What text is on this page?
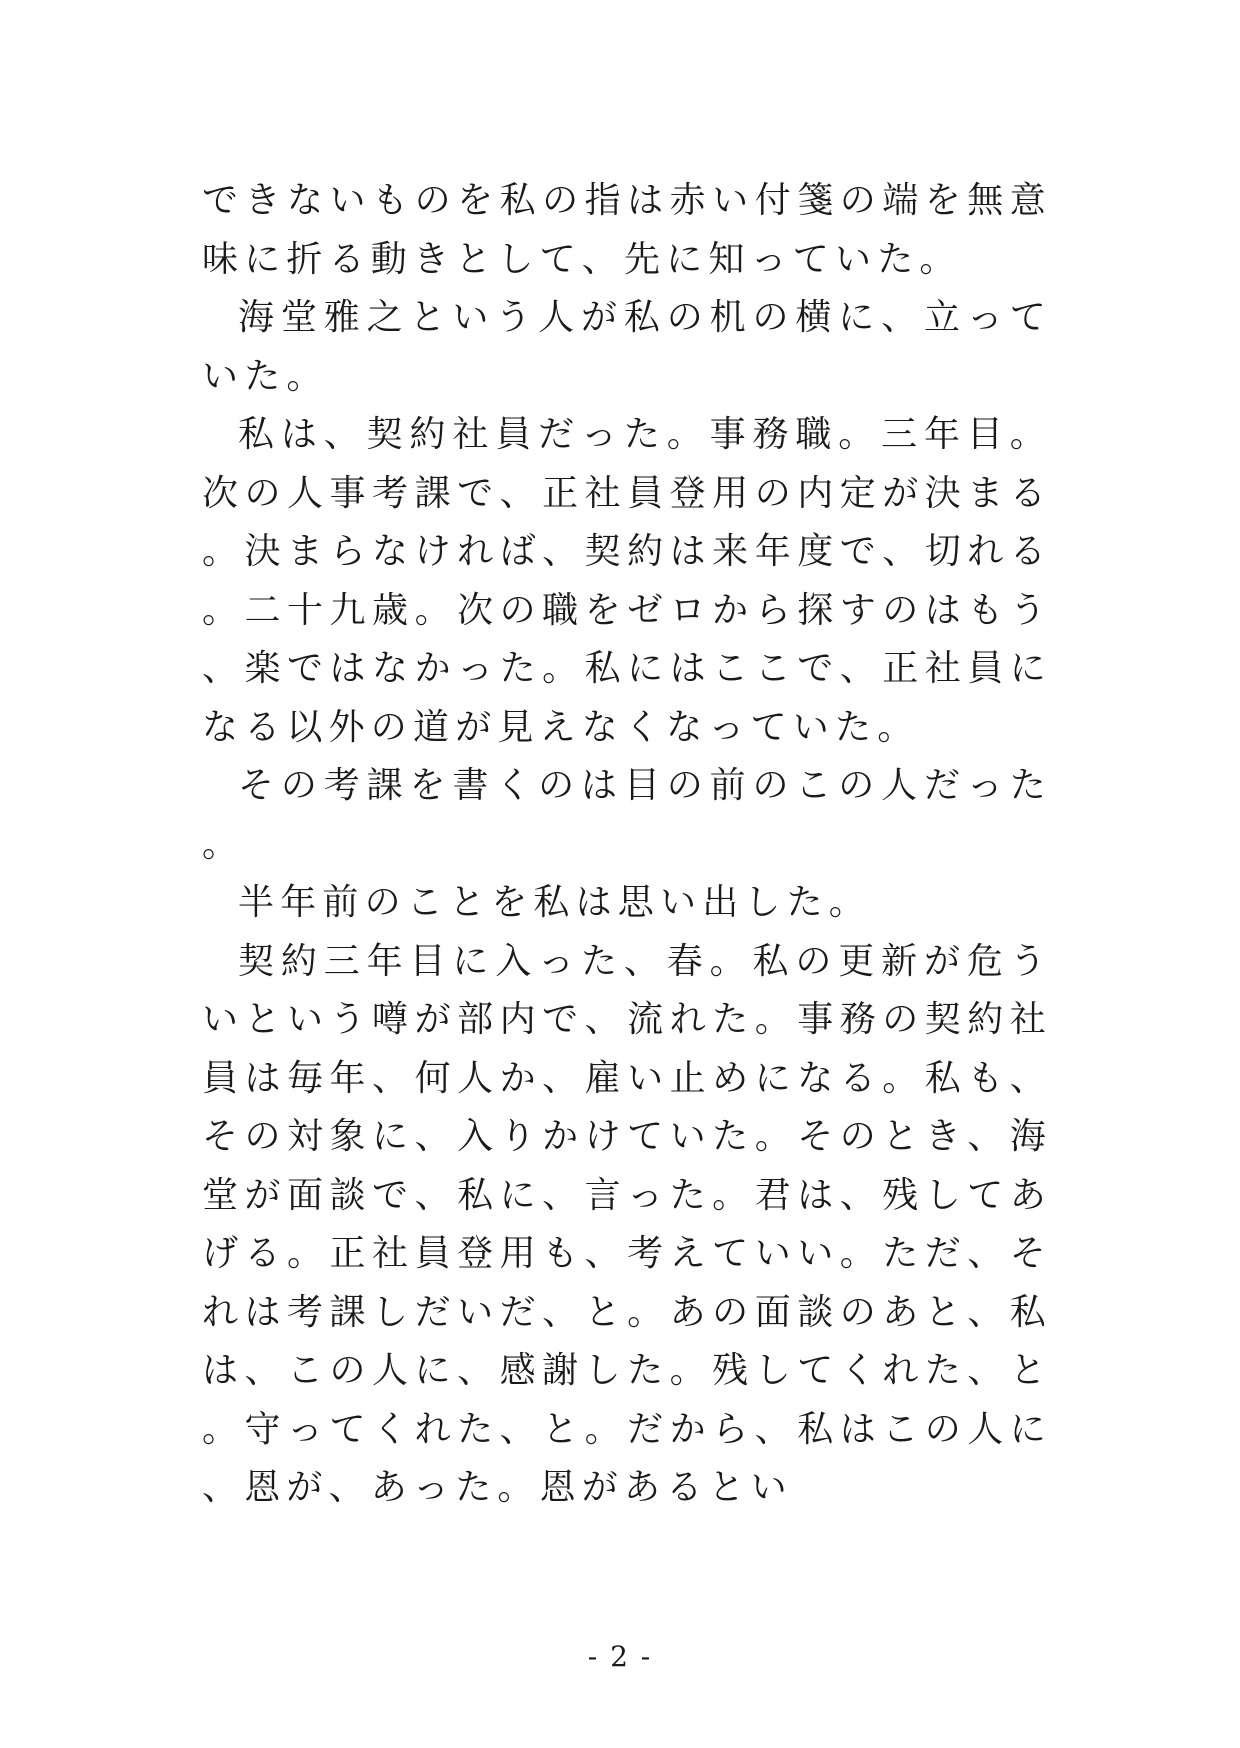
できないものを私の指は赤い付箋の端を無意味に折る動きとして、先に知っていた。

海堂雅之という人が私の机の横に、立っていた。

私は、契約社員だった。事務職。三年目。次の人事考課で、正社員登用の内定が決まる。決まらなければ、契約は来年度で、切れる。二十九歳。次の職をゼロから探すのはもう、楽ではなかった。私にはここで、正社員になる以外の道が見えなくなっていた。

その考課を書くのは目の前のこの人だった。

半年前のことを私は思い出した。

契約三年目に入った、春。私の更新が危ういという噂が部内で、流れた。事務の契約社員は毎年、何人か、雇い止めになる。私も、その対象に、入りかけていた。そのとき、海堂が面談で、私に、言った。君は、残してあげる。正社員登用も、考えていい。ただ、それは考課しだいだ、と。あの面談のあと、私は、この人に、感謝した。残してくれた、と。守ってくれた、と。だから、私はこの人に、恩が、あった。恩があるとい

- 2 -
